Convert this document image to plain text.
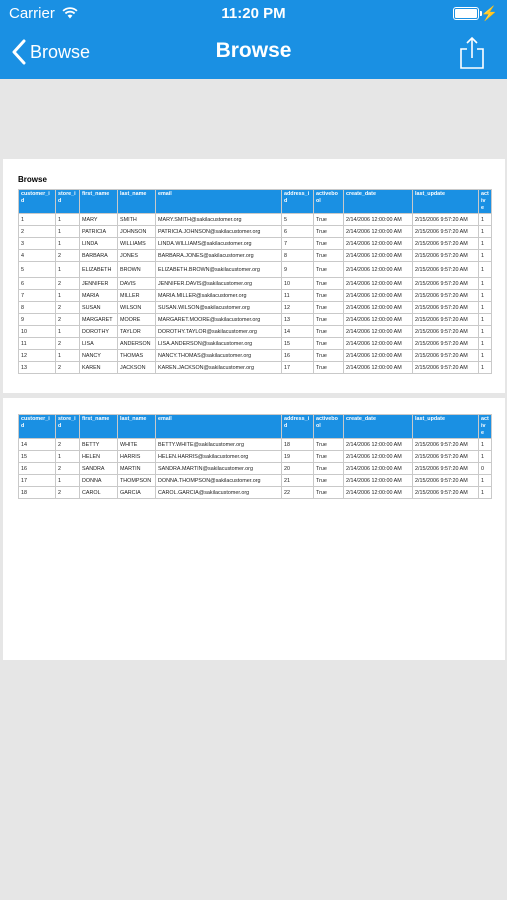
Carrier	11:20 PM	⚡
Browse	Browse
Browse
customer_i d	store_i d	first_name	last_name	email	address_i d	activebo ol	create_date	last_update	activ e
1	1	MARY	SMITH	MARY.SMITH@sakilacustomer.org	5	True	2/14/2006 12:00:00 AM	2/15/2006 9:57:20 AM	1
2	1	PATRICIA	JOHNSON	PATRICIA.JOHNSON@sakilacustomer.org	6	True	2/14/2006 12:00:00 AM	2/15/2006 9:57:20 AM	1
3	1	LINDA	WILLIAMS	LINDA.WILLIAMS@sakilacustomer.org	7	True	2/14/2006 12:00:00 AM	2/15/2006 9:57:20 AM	1
4	2	BARBARA	JONES	BARBARA.JONES@sakilacustomer.org	8	True	2/14/2006 12:00:00 AM	2/15/2006 9:57:20 AM	1
5	1	ELIZABETH	BROWN	ELIZABETH.BROWN@sakilacustomer.org	9	True	2/14/2006 12:00:00 AM	2/15/2006 9:57:20 AM	1
6	2	JENNIFER	DAVIS	JENNIFER.DAVIS@sakilacustomer.org	10	True	2/14/2006 12:00:00 AM	2/15/2006 9:57:20 AM	1
7	1	MARIA	MILLER	MARIA.MILLER@sakilacustomer.org	11	True	2/14/2006 12:00:00 AM	2/15/2006 9:57:20 AM	1
8	2	SUSAN	WILSON	SUSAN.WILSON@sakilacustomer.org	12	True	2/14/2006 12:00:00 AM	2/15/2006 9:57:20 AM	1
9	2	MARGARET	MOORE	MARGARET.MOORE@sakilacustomer.org	13	True	2/14/2006 12:00:00 AM	2/15/2006 9:57:20 AM	1
10	1	DOROTHY	TAYLOR	DOROTHY.TAYLOR@sakilacustomer.org	14	True	2/14/2006 12:00:00 AM	2/15/2006 9:57:20 AM	1
11	2	LISA	ANDERSON	LISA.ANDERSON@sakilacustomer.org	15	True	2/14/2006 12:00:00 AM	2/15/2006 9:57:20 AM	1
12	1	NANCY	THOMAS	NANCY.THOMAS@sakilacustomer.org	16	True	2/14/2006 12:00:00 AM	2/15/2006 9:57:20 AM	1
13	2	KAREN	JACKSON	KAREN.JACKSON@sakilacustomer.org	17	True	2/14/2006 12:00:00 AM	2/15/2006 9:57:20 AM	1
customer_i d	store_i d	first_name	last_name	email	address_i d	activebo ol	create_date	last_update	activ e
14	2	BETTY	WHITE	BETTY.WHITE@sakilacustomer.org	18	True	2/14/2006 12:00:00 AM	2/15/2006 9:57:20 AM	1
15	1	HELEN	HARRIS	HELEN.HARRIS@sakilacustomer.org	19	True	2/14/2006 12:00:00 AM	2/15/2006 9:57:20 AM	1
16	2	SANDRA	MARTIN	SANDRA.MARTIN@sakilacustomer.org	20	True	2/14/2006 12:00:00 AM	2/15/2006 9:57:20 AM	0
17	1	DONNA	THOMPSON	DONNA.THOMPSON@sakilacustomer.org	21	True	2/14/2006 12:00:00 AM	2/15/2006 9:57:20 AM	1
18	2	CAROL	GARCIA	CAROL.GARCIA@sakilacustomer.org	22	True	2/14/2006 12:00:00 AM	2/15/2006 9:57:20 AM	1
